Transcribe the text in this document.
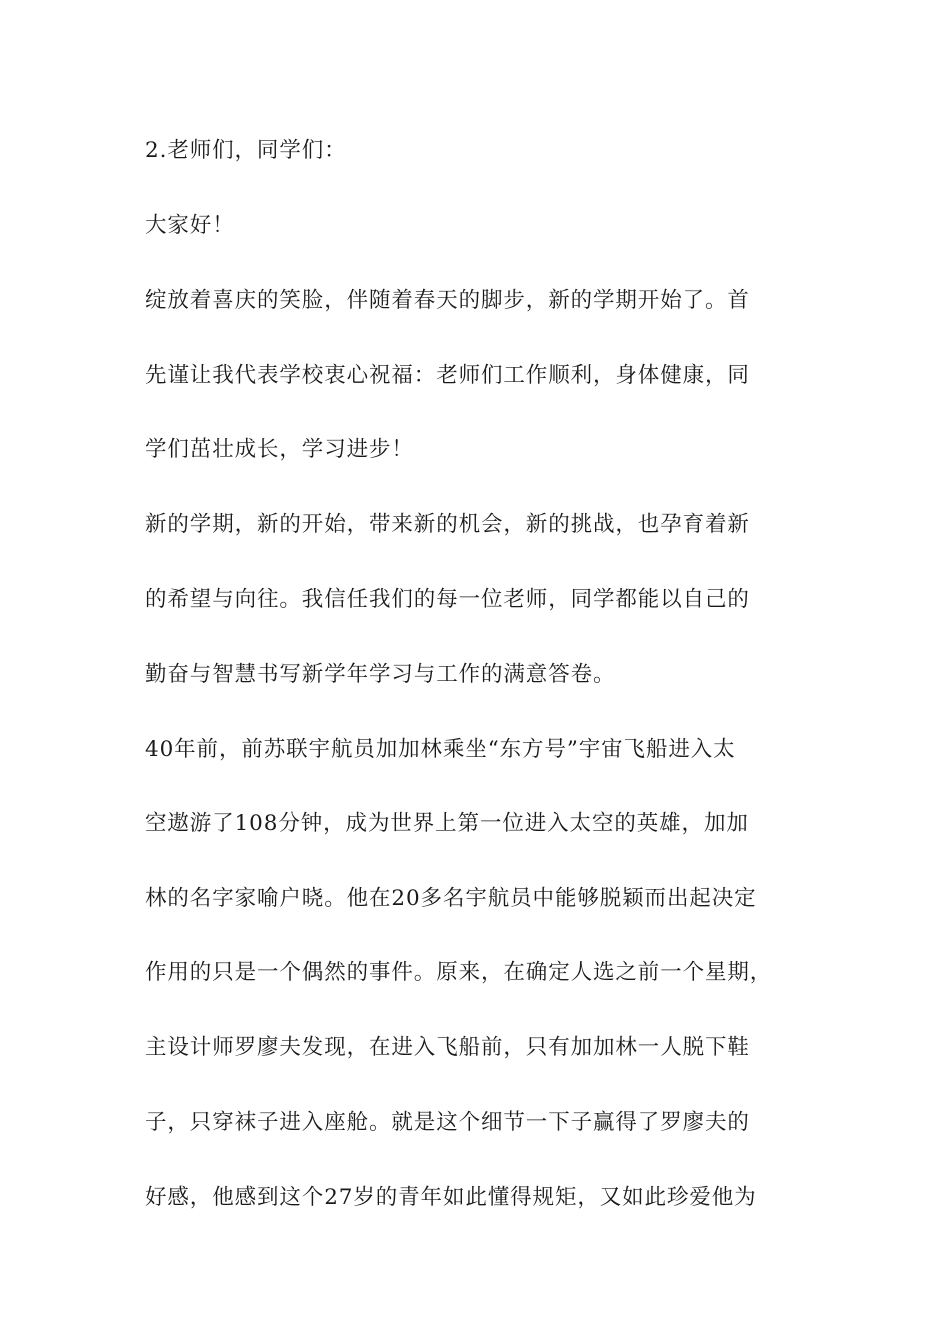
2.老师们，同学们：
大家好！
绽放着喜庆的笑脸，伴随着春天的脚步，新的学期开始了。首
先谨让我代表学校衷心祝福：老师们工作顺利，身体健康，同
学们茁壮成长，学习进步！
新的学期，新的开始，带来新的机会，新的挑战，也孕育着新
的希望与向往。我信任我们的每一位老师，同学都能以自己的
勤奋与智慧书写新学年学习与工作的满意答卷。
40年前，前苏联宇航员加加林乘坐“东方号”宇宙飞船进入太
空遨游了108分钟，成为世界上第一位进入太空的英雄，加加
林的名字家喻户晓。他在20多名宇航员中能够脱颖而出起决定
作用的只是一个偶然的事件。原来，在确定人选之前一个星期，
主设计师罗廖夫发现，在进入飞船前，只有加加林一人脱下鞋
子，只穿袜子进入座舱。就是这个细节一下子赢得了罗廖夫的
好感，他感到这个27岁的青年如此懂得规矩，又如此珍爱他为
